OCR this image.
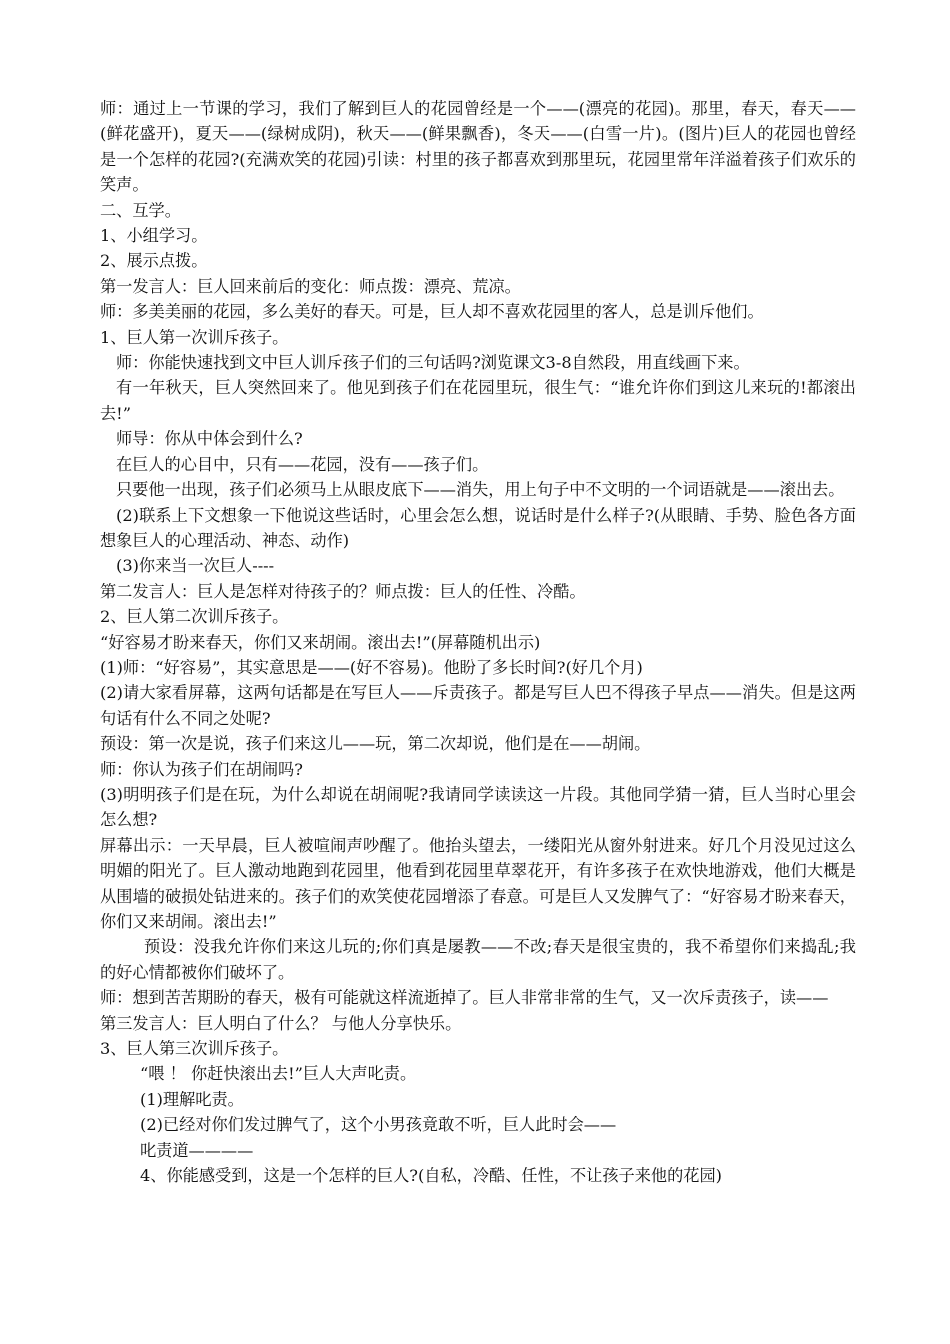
师：通过上一节课的学习，我们了解到巨人的花园曾经是一个——(漂亮的花园)。那里，春天，春天——(鲜花盛开)，夏天——(绿树成阴)，秋天——(鲜果飘香)，冬天——(白雪一片)。(图片)巨人的花园也曾经是一个怎样的花园?(充满欢笑的花园)引读：村里的孩子都喜欢到那里玩，花园里常年洋溢着孩子们欢乐的笑声。

二、互学。

1、小组学习。

2、展示点拨。

第一发言人：巨人回来前后的变化：师点拨：漂亮、荒凉。

师：多美美丽的花园，多么美好的春天。可是，巨人却不喜欢花园里的客人，总是训斥他们。

1、巨人第一次训斥孩子。

师：你能快速找到文中巨人训斥孩子们的三句话吗?浏览课文3-8自然段，用直线画下来。

有一年秋天，巨人突然回来了。他见到孩子们在花园里玩，很生气：“谁允许你们到这儿来玩的!都滚出去!”

师导：你从中体会到什么?

在巨人的心目中，只有——花园，没有——孩子们。

只要他一出现，孩子们必须马上从眼皮底下——消失，用上句子中不文明的一个词语就是——滚出去。

(2)联系上下文想象一下他说这些话时，心里会怎么想，说话时是什么样子?(从眼睛、手势、脸色各方面想象巨人的心理活动、神态、动作)

(3)你来当一次巨人----

第二发言人：巨人是怎样对待孩子的？师点拨：巨人的任性、冷酷。

2、巨人第二次训斥孩子。

“好容易才盼来春天，你们又来胡闹。滚出去!”(屏幕随机出示)

(1)师：“好容易”，其实意思是——(好不容易)。他盼了多长时间?(好几个月)

(2)请大家看屏幕，这两句话都是在写巨人——斥责孩子。都是写巨人巴不得孩子早点——消失。但是这两句话有什么不同之处呢?

预设：第一次是说，孩子们来这儿——玩，第二次却说，他们是在——胡闹。

师：你认为孩子们在胡闹吗?

(3)明明孩子们是在玩，为什么却说在胡闹呢?我请同学读读这一片段。其他同学猜一猜，巨人当时心里会怎么想?

屏幕出示：一天早晨，巨人被喧闹声吵醒了。他抬头望去，一缕阳光从窗外射进来。好几个月没见过这么明媚的阳光了。巨人激动地跑到花园里，他看到花园里草翠花开，有许多孩子在欢快地游戏，他们大概是从围墙的破损处钻进来的。孩子们的欢笑使花园增添了春意。可是巨人又发脾气了：“好容易才盼来春天，你们又来胡闹。滚出去!”

预设：没我允许你们来这儿玩的;你们真是屡教——不改;春天是很宝贵的，我不希望你们来捣乱;我的好心情都被你们破坏了。

师：想到苦苦期盼的春天，极有可能就这样流逝掉了。巨人非常非常的生气，又一次斥责孩子，读——

第三发言人：巨人明白了什么？ 与他人分享快乐。

3、巨人第三次训斥孩子。

“喂 ！ 你赶快滚出去!”巨人大声叱责。

(1)理解叱责。

(2)已经对你们发过脾气了，这个小男孩竟敢不听，巨人此时会——

叱责道————

4、你能感受到，这是一个怎样的巨人?(自私，冷酷、任性，不让孩子来他的花园)
